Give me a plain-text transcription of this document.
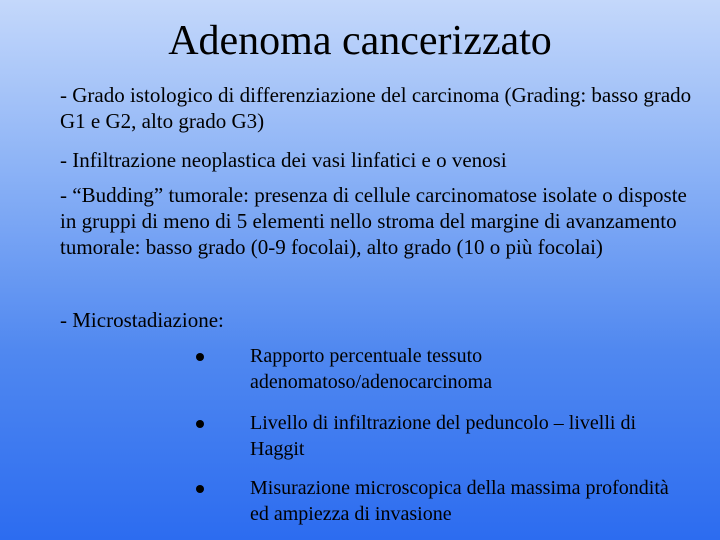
Adenoma cancerizzato
- Grado istologico di differenziazione del carcinoma (Grading: basso grado G1 e G2, alto grado G3)
- Infiltrazione neoplastica dei vasi linfatici e o venosi
- “Budding” tumorale: presenza di cellule carcinomatose isolate o disposte in gruppi di meno di 5 elementi nello stroma del margine di avanzamento tumorale: basso grado (0-9 focolai), alto grado (10 o più focolai)
- Microstadiazione:
Rapporto percentuale tessuto adenomatoso/adenocarcinoma
Livello di infiltrazione del peduncolo – livelli di Haggit
Misurazione microscopica della massima profondità ed ampiezza di invasione
